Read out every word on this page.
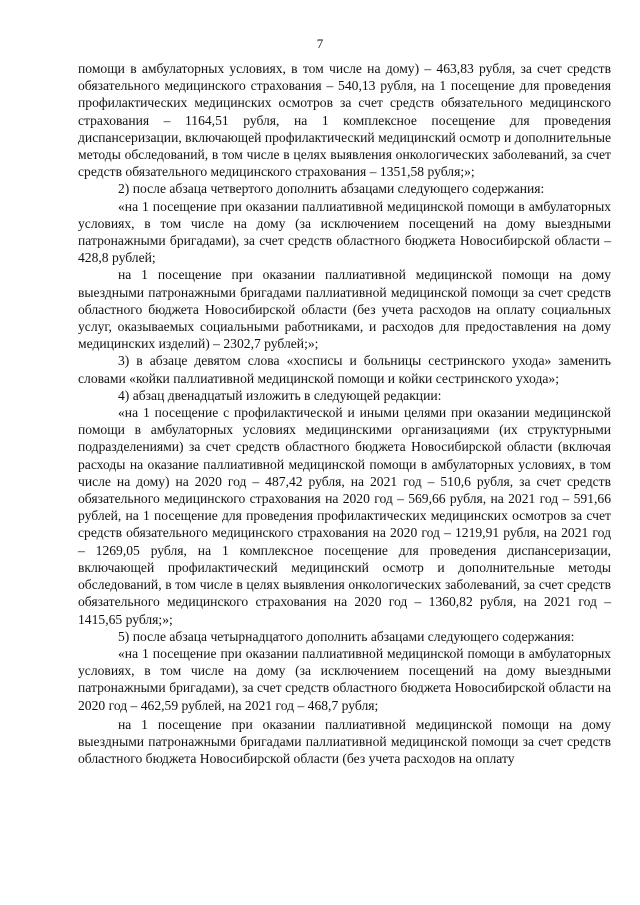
7

помощи в амбулаторных условиях, в том числе на дому) – 463,83 рубля, за счет средств обязательного медицинского страхования – 540,13 рубля, на 1 посещение для проведения профилактических медицинских осмотров за счет средств обязательного медицинского страхования – 1164,51 рубля, на 1 комплексное посещение для проведения диспансеризации, включающей профилактический медицинский осмотр и дополнительные методы обследований, в том числе в целях выявления онкологических заболеваний, за счет средств обязательного медицинского страхования – 1351,58 рубля;»;

2) после абзаца четвертого дополнить абзацами следующего содержания:

«на 1 посещение при оказании паллиативной медицинской помощи в амбулаторных условиях, в том числе на дому (за исключением посещений на дому выездными патронажными бригадами), за счет средств областного бюджета Новосибирской области – 428,8 рублей;

на 1 посещение при оказании паллиативной медицинской помощи на дому выездными патронажными бригадами паллиативной медицинской помощи за счет средств областного бюджета Новосибирской области (без учета расходов на оплату социальных услуг, оказываемых социальными работниками, и расходов для предоставления на дому медицинских изделий) – 2302,7 рублей;»;

3) в абзаце девятом слова «хосписы и больницы сестринского ухода» заменить словами «койки паллиативной медицинской помощи и койки сестринского ухода»;

4) абзац двенадцатый изложить в следующей редакции:

«на 1 посещение с профилактической и иными целями при оказании медицинской помощи в амбулаторных условиях медицинскими организациями (их структурными подразделениями) за счет средств областного бюджета Новосибирской области (включая расходы на оказание паллиативной медицинской помощи в амбулаторных условиях, в том числе на дому) на 2020 год – 487,42 рубля, на 2021 год – 510,6 рубля, за счет средств обязательного медицинского страхования на 2020 год – 569,66 рубля, на 2021 год – 591,66 рублей, на 1 посещение для проведения профилактических медицинских осмотров за счет средств обязательного медицинского страхования на 2020 год – 1219,91 рубля, на 2021 год – 1269,05 рубля, на 1 комплексное посещение для проведения диспансеризации, включающей профилактический медицинский осмотр и дополнительные методы обследований, в том числе в целях выявления онкологических заболеваний, за счет средств обязательного медицинского страхования на 2020 год – 1360,82 рубля, на 2021 год – 1415,65 рубля;»;

5) после абзаца четырнадцатого дополнить абзацами следующего содержания:

«на 1 посещение при оказании паллиативной медицинской помощи в амбулаторных условиях, в том числе на дому (за исключением посещений на дому выездными патронажными бригадами), за счет средств областного бюджета Новосибирской области на 2020 год – 462,59 рублей, на 2021 год – 468,7 рубля;

на 1 посещение при оказании паллиативной медицинской помощи на дому выездными патронажными бригадами паллиативной медицинской помощи за счет средств областного бюджета Новосибирской области (без учета расходов на оплату
